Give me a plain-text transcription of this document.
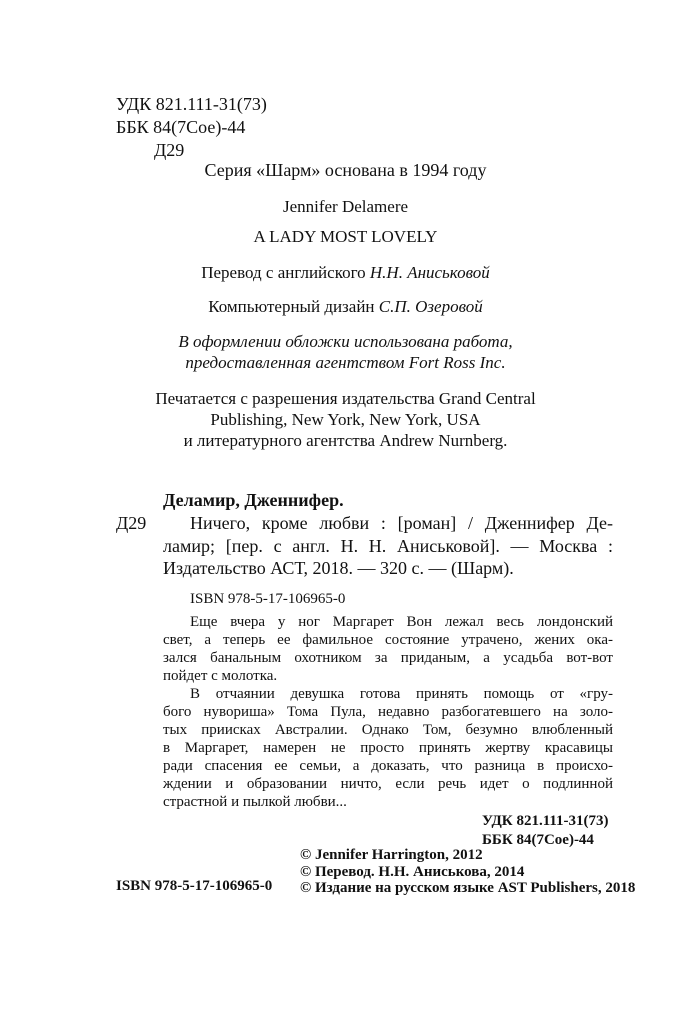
УДК 821.111-31(73)
ББК 84(7Сое)-44
Д29
Серия «Шарм» основана в 1994 году
Jennifer Delamere
A LADY MOST LOVELY
Перевод с английского Н.Н. Аниськовой
Компьютерный дизайн С.П. Озеровой
В оформлении обложки использована работа,
предоставленная агентством Fort Ross Inc.
Печатается с разрешения издательства Grand Central
Publishing, New York, New York, USA
и литературного агентства Andrew Nurnberg.
Деламир, Дженнифер.
Д29 Ничего, кроме любви : [роман] / Дженнифер Де-
ламир; [пер. с англ. Н. Н. Аниськовой]. — Москва :
Издательство АСТ, 2018. — 320 с. — (Шарм).
ISBN 978-5-17-106965-0
Еще вчера у ног Маргарет Вон лежал весь лондонский
свет, а теперь ее фамильное состояние утрачено, жених ока-
зался банальным охотником за приданым, а усадьба вот-вот
пойдет с молотка.
В отчаянии девушка готова принять помощь от «гру-
бого нувориша» Тома Пула, недавно разбогатевшего на золо-
тых приисках Австралии. Однако Том, безумно влюбленный
в Маргарет, намерен не просто принять жертву красавицы
ради спасения ее семьи, а доказать, что разница в происхо-
ждении и образовании ничто, если речь идет о подлинной
страстной и пылкой любви...
УДК 821.111-31(73)
ББК 84(7Сое)-44
ISBN 978-5-17-106965-0
© Jennifer Harrington, 2012
© Перевод. Н.Н. Аниськова, 2014
© Издание на русском языке AST Publishers, 2018
